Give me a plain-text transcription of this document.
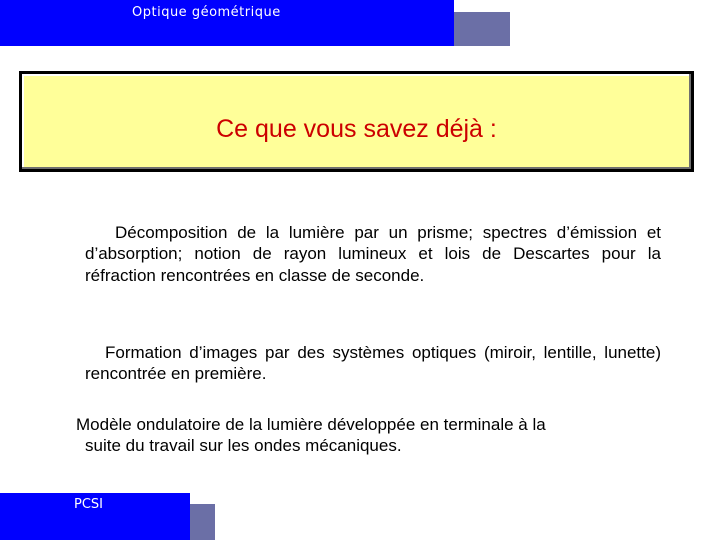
Optique géométrique
Ce que vous savez déjà :

Décomposition de la lumière par un prisme; spectres d’émission et d’absorption; notion de rayon lumineux et lois de Descartes pour la réfraction rencontrées en classe de seconde.

Formation d’images par des systèmes optiques (miroir, lentille, lunette) rencontrée en première.

Modèle ondulatoire de la lumière développée en terminale à la
suite du travail sur les ondes mécaniques.

PCSI
